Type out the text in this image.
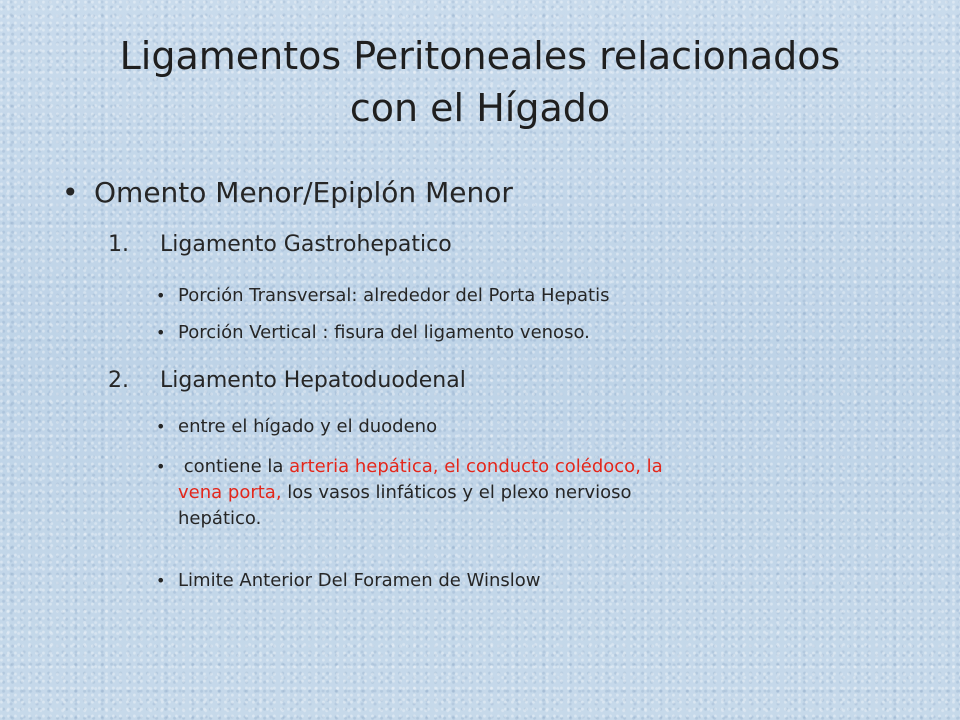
Ligamentos Peritoneales relacionados
con el Hígado
• Omento Menor/Epiplón Menor
1. Ligamento Gastrohepatico
• Porción Transversal: alrededor del Porta Hepatis
• Porción Vertical : fisura del ligamento venoso.
2. Ligamento Hepatoduodenal
• entre el hígado y el duodeno
• contiene la arteria hepática, el conducto colédoco, la
vena porta, los vasos linfáticos y el plexo nervioso
hepático.
• Limite Anterior Del Foramen de Winslow
